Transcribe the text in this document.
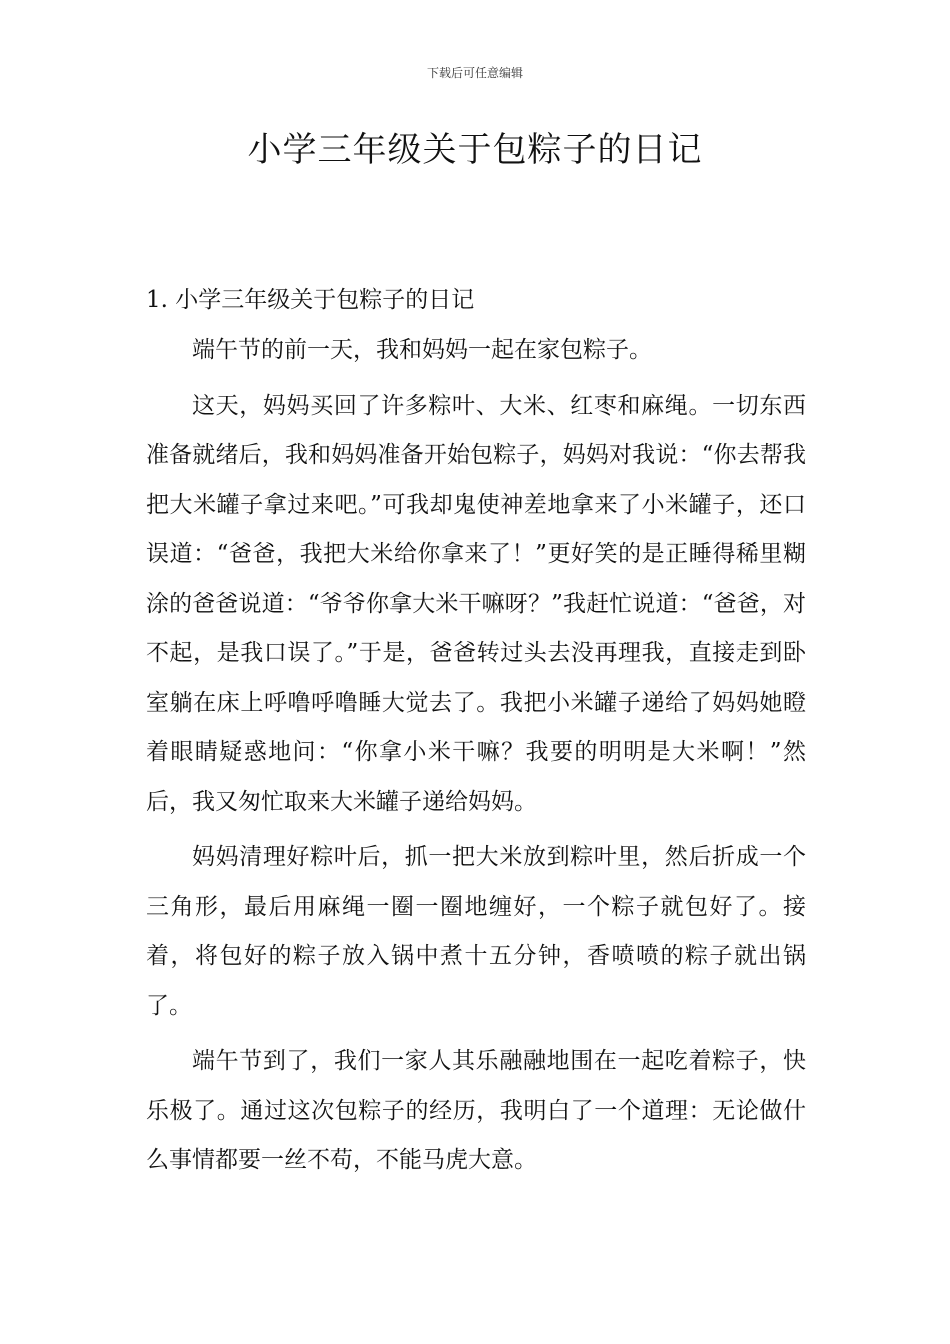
下载后可任意编辑
小学三年级关于包粽子的日记

1. 小学三年级关于包粽子的日记

端午节的前一天，我和妈妈一起在家包粽子。

这天，妈妈买回了许多粽叶、大米、红枣和麻绳。一切东西准备就绪后，我和妈妈准备开始包粽子，妈妈对我说：“你去帮我把大米罐子拿过来吧。”可我却鬼使神差地拿来了小米罐子，还口误道：“爸爸，我把大米给你拿来了！”更好笑的是正睡得稀里糊涂的爸爸说道：“爷爷你拿大米干嘛呀？”我赶忙说道：“爸爸，对不起，是我口误了。”于是，爸爸转过头去没再理我，直接走到卧室躺在床上呼噜呼噜睡大觉去了。我把小米罐子递给了妈妈她瞪着眼睛疑惑地问：“你拿小米干嘛？我要的明明是大米啊！”然后，我又匆忙取来大米罐子递给妈妈。

妈妈清理好粽叶后，抓一把大米放到粽叶里，然后折成一个三角形，最后用麻绳一圈一圈地缠好，一个粽子就包好了。接着，将包好的粽子放入锅中煮十五分钟，香喷喷的粽子就出锅了。

端午节到了，我们一家人其乐融融地围在一起吃着粽子，快乐极了。通过这次包粽子的经历，我明白了一个道理：无论做什么事情都要一丝不苟，不能马虎大意。
